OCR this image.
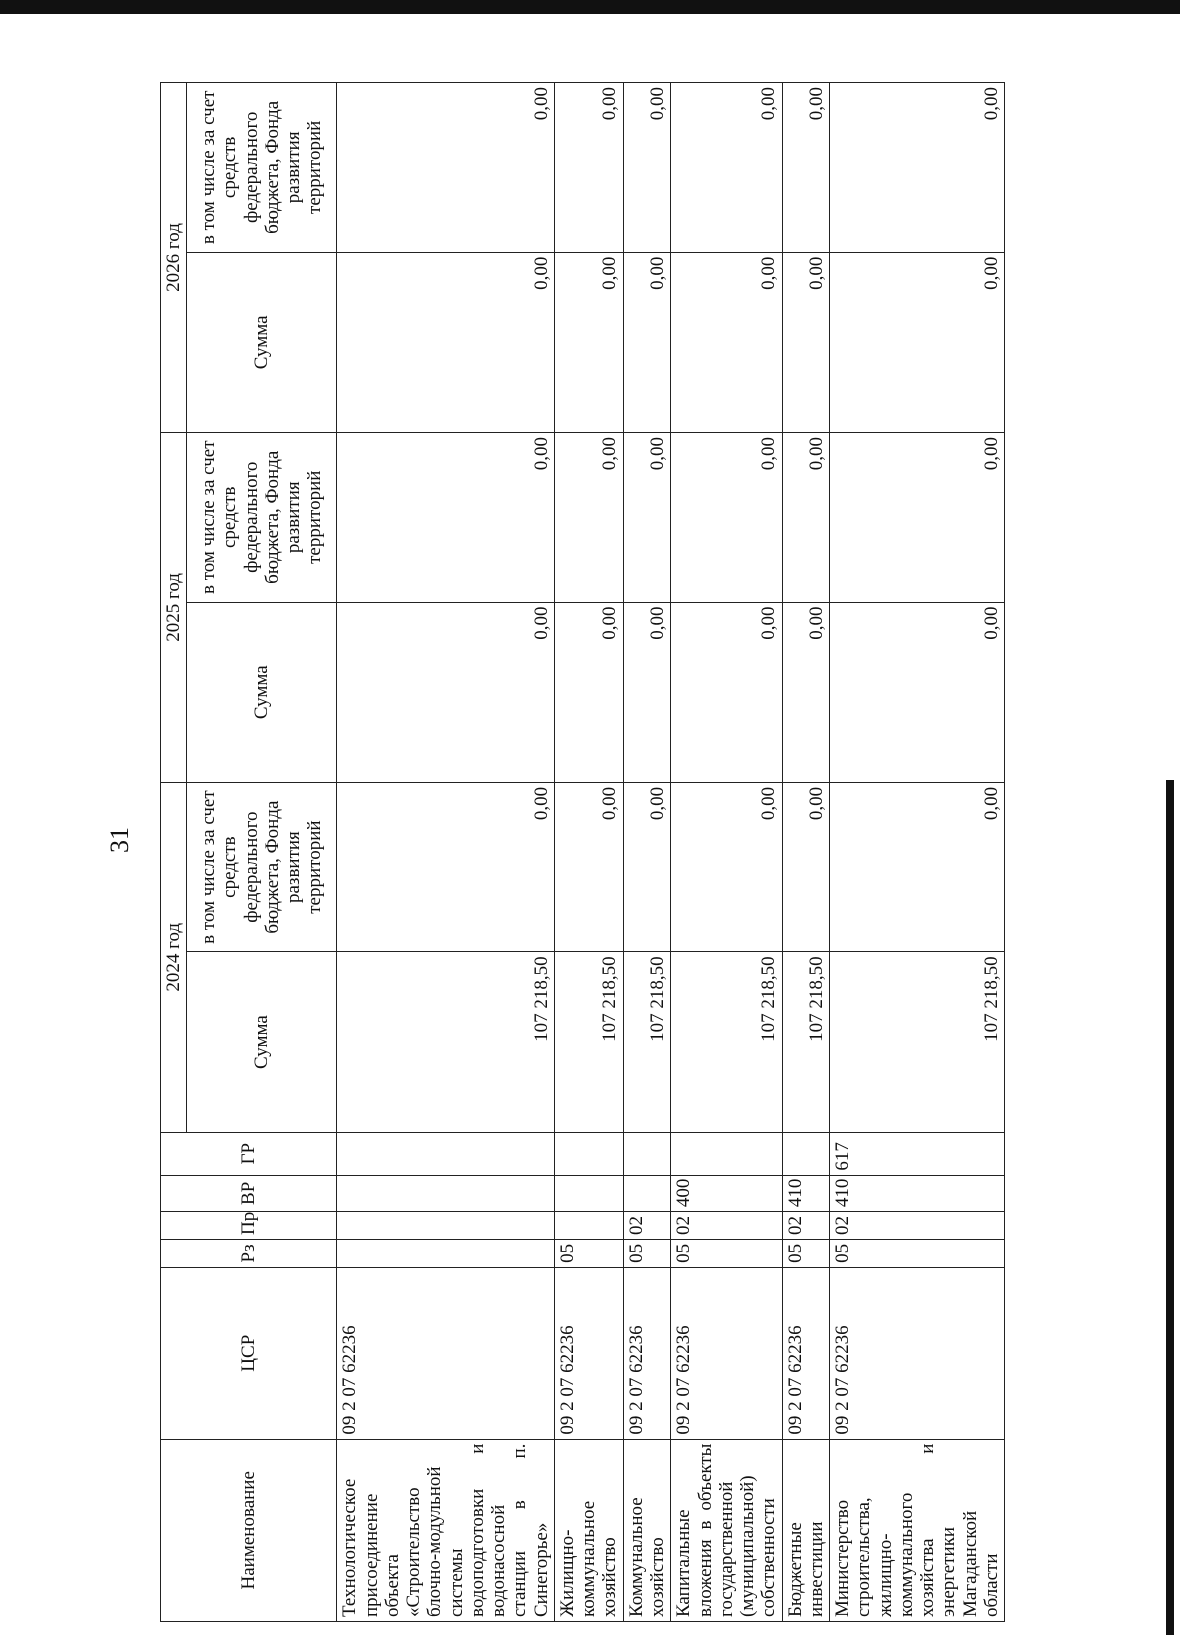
31
Наименование	ЦСР	Рз	Пр	ВР	ГР	2024 год		2025 год		2026 год	
						Сумма	в том числе за счет средств федерального бюджета, Фонда развития территорий	Сумма	в том числе за счет средств федерального бюджета, Фонда развития территорий	Сумма	в том числе за счет средств федерального бюджета, Фонда развития территорий
Технологическое присоединение объекта «Строительство блочно-модульной системы водоподготовки и водонасосной станции в п. Синегорье»	09 2 07 62236					107 218,50	0,00	0,00	0,00	0,00	0,00
Жилищно-коммунальное хозяйство	09 2 07 62236	05				107 218,50	0,00	0,00	0,00	0,00	0,00
Коммунальное хозяйство	09 2 07 62236	05	02			107 218,50	0,00	0,00	0,00	0,00	0,00
Капитальные вложения в объекты государственной (муниципальной) собственности	09 2 07 62236	05	02	400		107 218,50	0,00	0,00	0,00	0,00	0,00
Бюджетные инвестиции	09 2 07 62236	05	02	410		107 218,50	0,00	0,00	0,00	0,00	0,00
Министерство строительства, жилищно-коммунального хозяйства и энергетики Магаданской области	09 2 07 62236	05	02	410	617	107 218,50	0,00	0,00	0,00	0,00	0,00
